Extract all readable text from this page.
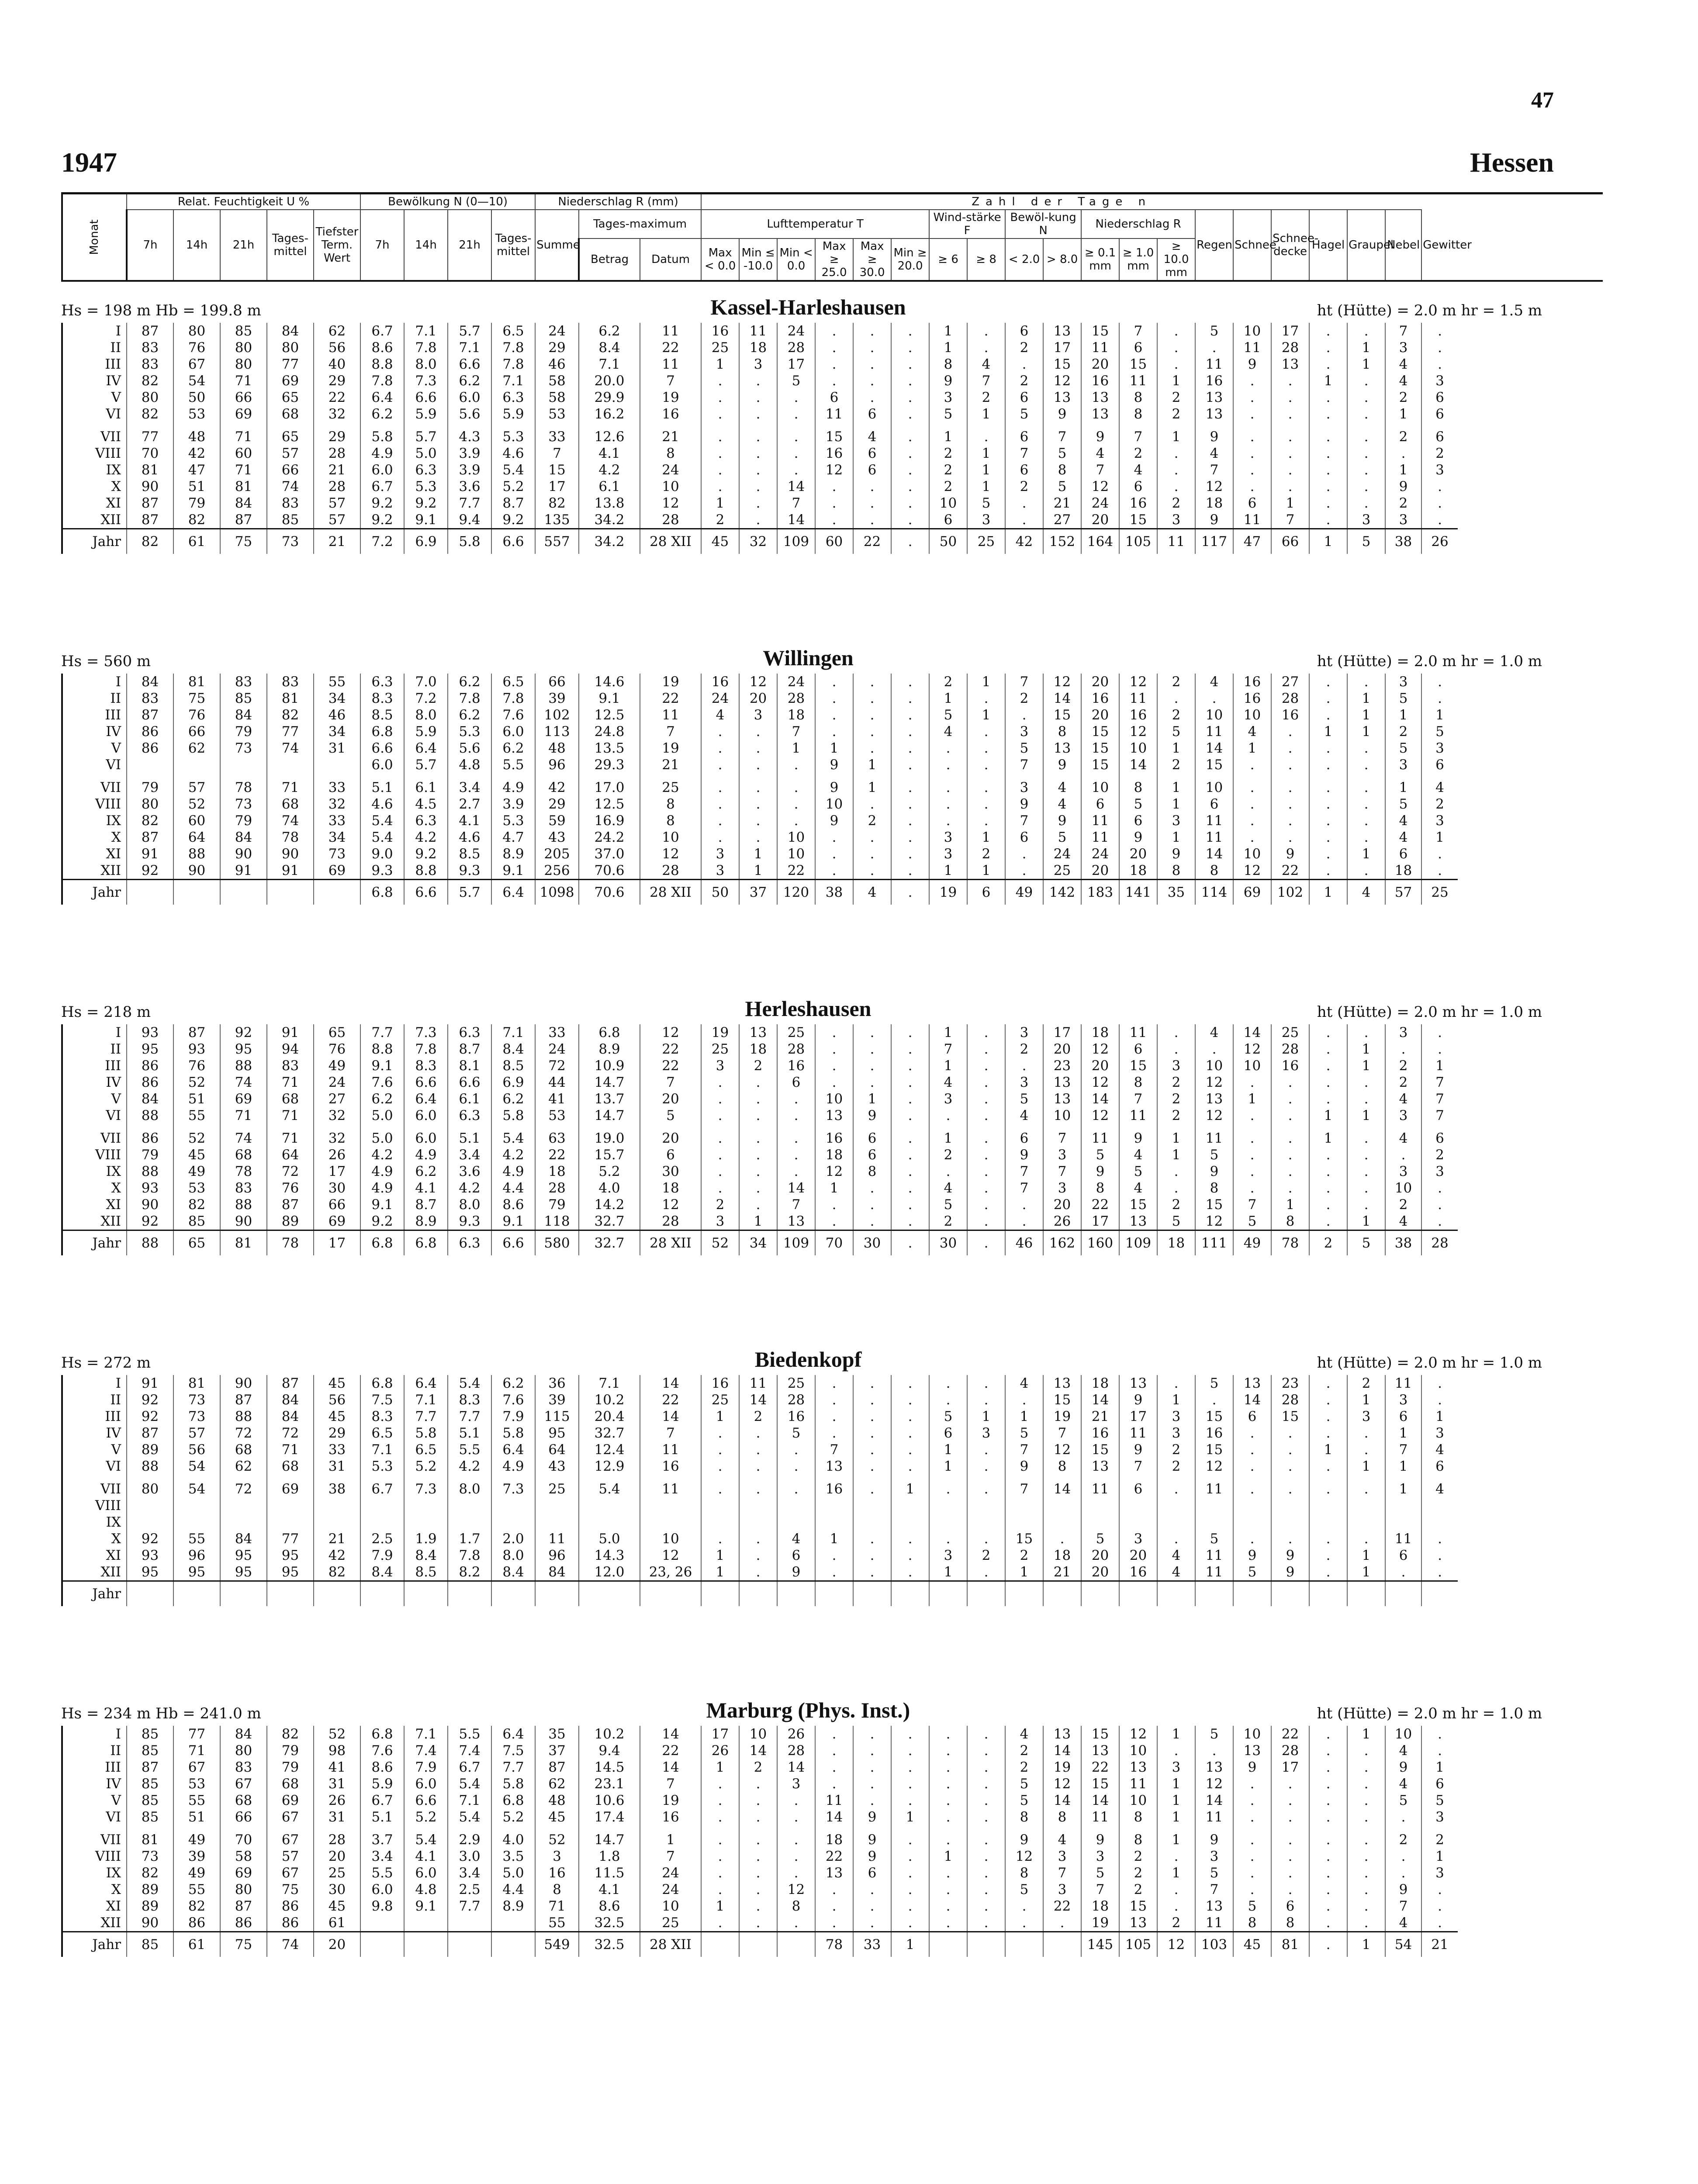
47
1947	Hessen
Monat	Relat. Feuchtigkeit U %					Bewölkung N (0—10)				Niederschlag R (mm)			Zahl der Tage n																			
	7h	14h	21h	Tages-mittel	Tiefster Term. Wert	7h	14h	21h	Tages-mittel	Summe	Tages-maximum		Lufttemperatur T						Wind-stärke F		Bewöl-kung N		Niederschlag R			Regen	Schnee	Schnee-decke	Hagel	Graupel	Nebel	Gewitter
											Betrag	Datum	Max < 0.0	Min ≤ -10.0	Min < 0.0	Max ≥ 25.0	Max ≥ 30.0	Min ≥ 20.0	≥ 6	≥ 8	< 2.0	> 8.0	≥ 0.1 mm	≥ 1.0 mm	≥ 10.0 mm							
Hs = 198 m Hb = 199.8 m	ht (Hütte) = 2.0 m hr = 1.5 m
Kassel-Harleshausen
I	87	80	85	84	62	6.7	7.1	5.7	6.5	24	6.2	11	16	11	24	.	.	.	1	.	6	13	15	7	.	5	10	17	.	.	7	.
II	83	76	80	80	56	8.6	7.8	7.1	7.8	29	8.4	22	25	18	28	.	.	.	1	.	2	17	11	6	.	.	11	28	.	1	3	.
III	83	67	80	77	40	8.8	8.0	6.6	7.8	46	7.1	11	1	3	17	.	.	.	8	4	.	15	20	15	.	11	9	13	.	1	4	.
IV	82	54	71	69	29	7.8	7.3	6.2	7.1	58	20.0	7	.	.	5	.	.	.	9	7	2	12	16	11	1	16	.	.	1	.	4	3
V	80	50	66	65	22	6.4	6.6	6.0	6.3	58	29.9	19	.	.	.	6	.	.	3	2	6	13	13	8	2	13	.	.	.	.	2	6
VI	82	53	69	68	32	6.2	5.9	5.6	5.9	53	16.2	16	.	.	.	11	6	.	5	1	5	9	13	8	2	13	.	.	.	.	1	6
VII	77	48	71	65	29	5.8	5.7	4.3	5.3	33	12.6	21	.	.	.	15	4	.	1	.	6	7	9	7	1	9	.	.	.	.	2	6
VIII	70	42	60	57	28	4.9	5.0	3.9	4.6	7	4.1	8	.	.	.	16	6	.	2	1	7	5	4	2	.	4	.	.	.	.	.	2
IX	81	47	71	66	21	6.0	6.3	3.9	5.4	15	4.2	24	.	.	.	12	6	.	2	1	6	8	7	4	.	7	.	.	.	.	1	3
X	90	51	81	74	28	6.7	5.3	3.6	5.2	17	6.1	10	.	.	14	.	.	.	2	1	2	5	12	6	.	12	.	.	.	.	9	.
XI	87	79	84	83	57	9.2	9.2	7.7	8.7	82	13.8	12	1	.	7	.	.	.	10	5	.	21	24	16	2	18	6	1	.	.	2	.
XII	87	82	87	85	57	9.2	9.1	9.4	9.2	135	34.2	28	2	.	14	.	.	.	6	3	.	27	20	15	3	9	11	7	.	3	3	.
Jahr	82	61	75	73	21	7.2	6.9	5.8	6.6	557	34.2	28 XII	45	32	109	60	22	.	50	25	42	152	164	105	11	117	47	66	1	5	38	26
Hs = 560 m	ht (Hütte) = 2.0 m hr = 1.0 m
Willingen
I	84	81	83	83	55	6.3	7.0	6.2	6.5	66	14.6	19	16	12	24	.	.	.	2	1	7	12	20	12	2	4	16	27	.	.	3	.
II	83	75	85	81	34	8.3	7.2	7.8	7.8	39	9.1	22	24	20	28	.	.	.	1	.	2	14	16	11	.	.	16	28	.	1	5	.
III	87	76	84	82	46	8.5	8.0	6.2	7.6	102	12.5	11	4	3	18	.	.	.	5	1	.	15	20	16	2	10	10	16	.	1	1	1
IV	86	66	79	77	34	6.8	5.9	5.3	6.0	113	24.8	7	.	.	7	.	.	.	4	.	3	8	15	12	5	11	4	.	1	1	2	5
V	86	62	73	74	31	6.6	6.4	5.6	6.2	48	13.5	19	.	.	1	1	.	.	.	.	5	13	15	10	1	14	1	.	.	.	5	3
VI						6.0	5.7	4.8	5.5	96	29.3	21	.	.	.	9	1	.	.	.	7	9	15	14	2	15	.	.	.	.	3	6
VII	79	57	78	71	33	5.1	6.1	3.4	4.9	42	17.0	25	.	.	.	9	1	.	.	.	3	4	10	8	1	10	.	.	.	.	1	4
VIII	80	52	73	68	32	4.6	4.5	2.7	3.9	29	12.5	8	.	.	.	10	.	.	.	.	9	4	6	5	1	6	.	.	.	.	5	2
IX	82	60	79	74	33	5.4	6.3	4.1	5.3	59	16.9	8	.	.	.	9	2	.	.	.	7	9	11	6	3	11	.	.	.	.	4	3
X	87	64	84	78	34	5.4	4.2	4.6	4.7	43	24.2	10	.	.	10	.	.	.	3	1	6	5	11	9	1	11	.	.	.	.	4	1
XI	91	88	90	90	73	9.0	9.2	8.5	8.9	205	37.0	12	3	1	10	.	.	.	3	2	.	24	24	20	9	14	10	9	.	1	6	.
XII	92	90	91	91	69	9.3	8.8	9.3	9.1	256	70.6	28	3	1	22	.	.	.	1	1	.	25	20	18	8	8	12	22	.	.	18	.
Jahr						6.8	6.6	5.7	6.4	1098	70.6	28 XII	50	37	120	38	4	.	19	6	49	142	183	141	35	114	69	102	1	4	57	25
Hs = 218 m	ht (Hütte) = 2.0 m hr = 1.0 m
Herleshausen
I	93	87	92	91	65	7.7	7.3	6.3	7.1	33	6.8	12	19	13	25	.	.	.	1	.	3	17	18	11	.	4	14	25	.	.	3	.
II	95	93	95	94	76	8.8	7.8	8.7	8.4	24	8.9	22	25	18	28	.	.	.	7	.	2	20	12	6	.	.	12	28	.	1	.	.
III	86	76	88	83	49	9.1	8.3	8.1	8.5	72	10.9	22	3	2	16	.	.	.	1	.	.	23	20	15	3	10	10	16	.	1	2	1
IV	86	52	74	71	24	7.6	6.6	6.6	6.9	44	14.7	7	.	.	6	.	.	.	4	.	3	13	12	8	2	12	.	.	.	.	2	7
V	84	51	69	68	27	6.2	6.4	6.1	6.2	41	13.7	20	.	.	.	10	1	.	3	.	5	13	14	7	2	13	1	.	.	.	4	7
VI	88	55	71	71	32	5.0	6.0	6.3	5.8	53	14.7	5	.	.	.	13	9	.	.	.	4	10	12	11	2	12	.	.	1	1	3	7
VII	86	52	74	71	32	5.0	6.0	5.1	5.4	63	19.0	20	.	.	.	16	6	.	1	.	6	7	11	9	1	11	.	.	1	.	4	6
VIII	79	45	68	64	26	4.2	4.9	3.4	4.2	22	15.7	6	.	.	.	18	6	.	2	.	9	3	5	4	1	5	.	.	.	.	.	2
IX	88	49	78	72	17	4.9	6.2	3.6	4.9	18	5.2	30	.	.	.	12	8	.	.	.	7	7	9	5	.	9	.	.	.	.	3	3
X	93	53	83	76	30	4.9	4.1	4.2	4.4	28	4.0	18	.	.	14	1	.	.	4	.	7	3	8	4	.	8	.	.	.	.	10	.
XI	90	82	88	87	66	9.1	8.7	8.0	8.6	79	14.2	12	2	.	7	.	.	.	5	.	.	20	22	15	2	15	7	1	.	.	2	.
XII	92	85	90	89	69	9.2	8.9	9.3	9.1	118	32.7	28	3	1	13	.	.	.	2	.	.	26	17	13	5	12	5	8	.	1	4	.
Jahr	88	65	81	78	17	6.8	6.8	6.3	6.6	580	32.7	28 XII	52	34	109	70	30	.	30	.	46	162	160	109	18	111	49	78	2	5	38	28
Hs = 272 m	ht (Hütte) = 2.0 m hr = 1.0 m
Biedenkopf
I	91	81	90	87	45	6.8	6.4	5.4	6.2	36	7.1	14	16	11	25	.	.	.	.	.	4	13	18	13	.	5	13	23	.	2	11	.
II	92	73	87	84	56	7.5	7.1	8.3	7.6	39	10.2	22	25	14	28	.	.	.	.	.	.	15	14	9	1	.	14	28	.	1	3	.
III	92	73	88	84	45	8.3	7.7	7.7	7.9	115	20.4	14	1	2	16	.	.	.	5	1	1	19	21	17	3	15	6	15	.	3	6	1
IV	87	57	72	72	29	6.5	5.8	5.1	5.8	95	32.7	7	.	.	5	.	.	.	6	3	5	7	16	11	3	16	.	.	.	.	1	3
V	89	56	68	71	33	7.1	6.5	5.5	6.4	64	12.4	11	.	.	.	7	.	.	1	.	7	12	15	9	2	15	.	.	1	.	7	4
VI	88	54	62	68	31	5.3	5.2	4.2	4.9	43	12.9	16	.	.	.	13	.	.	1	.	9	8	13	7	2	12	.	.	.	1	1	6
VII	80	54	72	69	38	6.7	7.3	8.0	7.3	25	5.4	11	.	.	.	16	.	1	.	.	7	14	11	6	.	11	.	.	.	.	1	4
VIII																																
IX																																
X	92	55	84	77	21	2.5	1.9	1.7	2.0	11	5.0	10	.	.	4	1	.	.	.	.	15	.	5	3	.	5	.	.	.	.	11	.
XI	93	96	95	95	42	7.9	8.4	7.8	8.0	96	14.3	12	1	.	6	.	.	.	3	2	2	18	20	20	4	11	9	9	.	1	6	.
XII	95	95	95	95	82	8.4	8.5	8.2	8.4	84	12.0	23, 26	1	.	9	.	.	.	1	.	1	21	20	16	4	11	5	9	.	1	.	.
Jahr																																
Hs = 234 m Hb = 241.0 m	ht (Hütte) = 2.0 m hr = 1.0 m
Marburg (Phys. Inst.)
I	85	77	84	82	52	6.8	7.1	5.5	6.4	35	10.2	14	17	10	26	.	.	.	.	.	4	13	15	12	1	5	10	22	.	1	10	.
II	85	71	80	79	98	7.6	7.4	7.4	7.5	37	9.4	22	26	14	28	.	.	.	.	.	2	14	13	10	.	.	13	28	.	.	4	.
III	87	67	83	79	41	8.6	7.9	6.7	7.7	87	14.5	14	1	2	14	.	.	.	.	.	2	19	22	13	3	13	9	17	.	.	9	1
IV	85	53	67	68	31	5.9	6.0	5.4	5.8	62	23.1	7	.	.	3	.	.	.	.	.	5	12	15	11	1	12	.	.	.	.	4	6
V	85	55	68	69	26	6.7	6.6	7.1	6.8	48	10.6	19	.	.	.	11	.	.	.	.	5	14	14	10	1	14	.	.	.	.	5	5
VI	85	51	66	67	31	5.1	5.2	5.4	5.2	45	17.4	16	.	.	.	14	9	1	.	.	8	8	11	8	1	11	.	.	.	.	.	3
VII	81	49	70	67	28	3.7	5.4	2.9	4.0	52	14.7	1	.	.	.	18	9	.	.	.	9	4	9	8	1	9	.	.	.	.	2	2
VIII	73	39	58	57	20	3.4	4.1	3.0	3.5	3	1.8	7	.	.	.	22	9	.	1	.	12	3	3	2	.	3	.	.	.	.	.	1
IX	82	49	69	67	25	5.5	6.0	3.4	5.0	16	11.5	24	.	.	.	13	6	.	.	.	8	7	5	2	1	5	.	.	.	.	.	3
X	89	55	80	75	30	6.0	4.8	2.5	4.4	8	4.1	24	.	.	12	.	.	.	.	.	5	3	7	2	.	7	.	.	.	.	9	.
XI	89	82	87	86	45	9.8	9.1	7.7	8.9	71	8.6	10	1	.	8	.	.	.	.	.	.	22	18	15	.	13	5	6	.	.	7	.
XII	90	86	86	86	61					55	32.5	25	.	.	.	.	.	.	.	.	.	.	19	13	2	11	8	8	.	.	4	.
Jahr	85	61	75	74	20					549	32.5	28 XII				78	33	1					145	105	12	103	45	81	.	1	54	21
